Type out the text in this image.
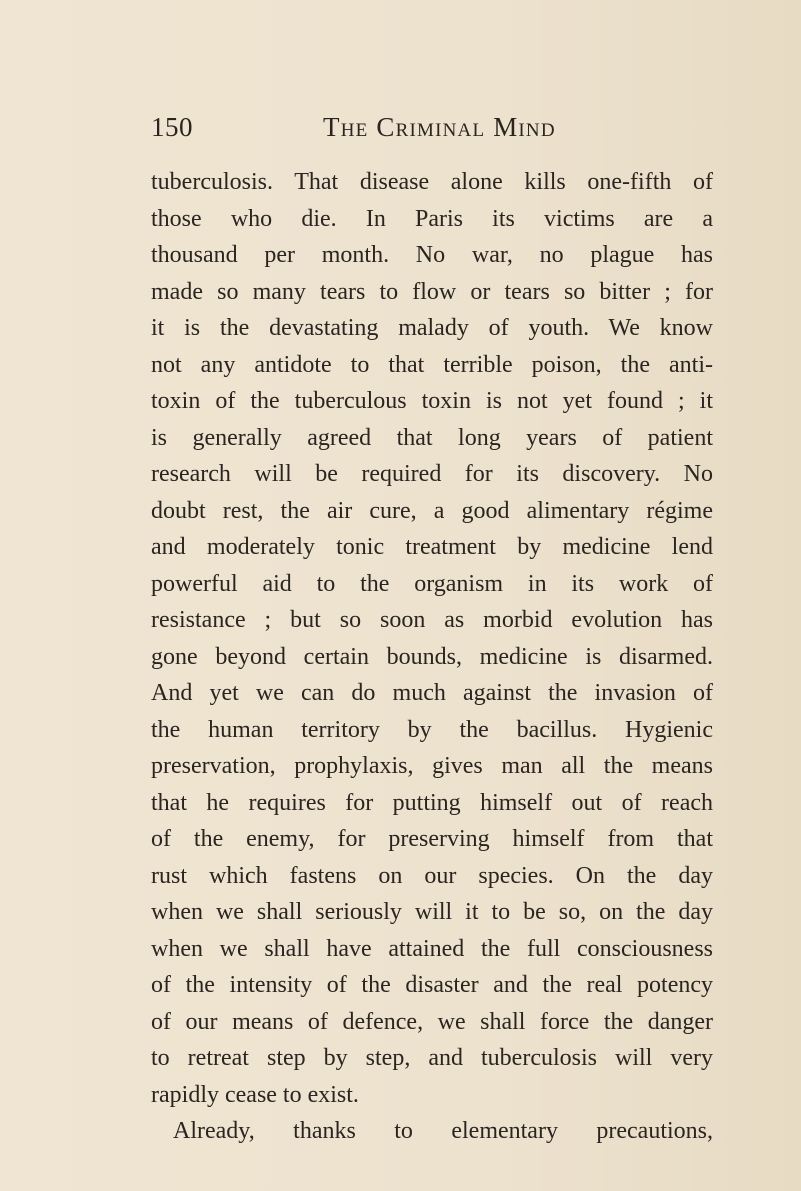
150	The Criminal Mind
tuberculosis. That disease alone kills one-fifth of
those who die. In Paris its victims are a
thousand per month. No war, no plague has
made so many tears to flow or tears so bitter ; for
it is the devastating malady of youth. We know
not any antidote to that terrible poison, the anti-
toxin of the tuberculous toxin is not yet found ; it
is generally agreed that long years of patient
research will be required for its discovery. No
doubt rest, the air cure, a good alimentary régime
and moderately tonic treatment by medicine lend
powerful aid to the organism in its work of
resistance ; but so soon as morbid evolution has
gone beyond certain bounds, medicine is disarmed.
And yet we can do much against the invasion of
the human territory by the bacillus. Hygienic
preservation, prophylaxis, gives man all the means
that he requires for putting himself out of reach
of the enemy, for preserving himself from that
rust which fastens on our species. On the day
when we shall seriously will it to be so, on the day
when we shall have attained the full consciousness
of the intensity of the disaster and the real potency
of our means of defence, we shall force the danger
to retreat step by step, and tuberculosis will very
rapidly cease to exist.
Already, thanks to elementary precautions,
